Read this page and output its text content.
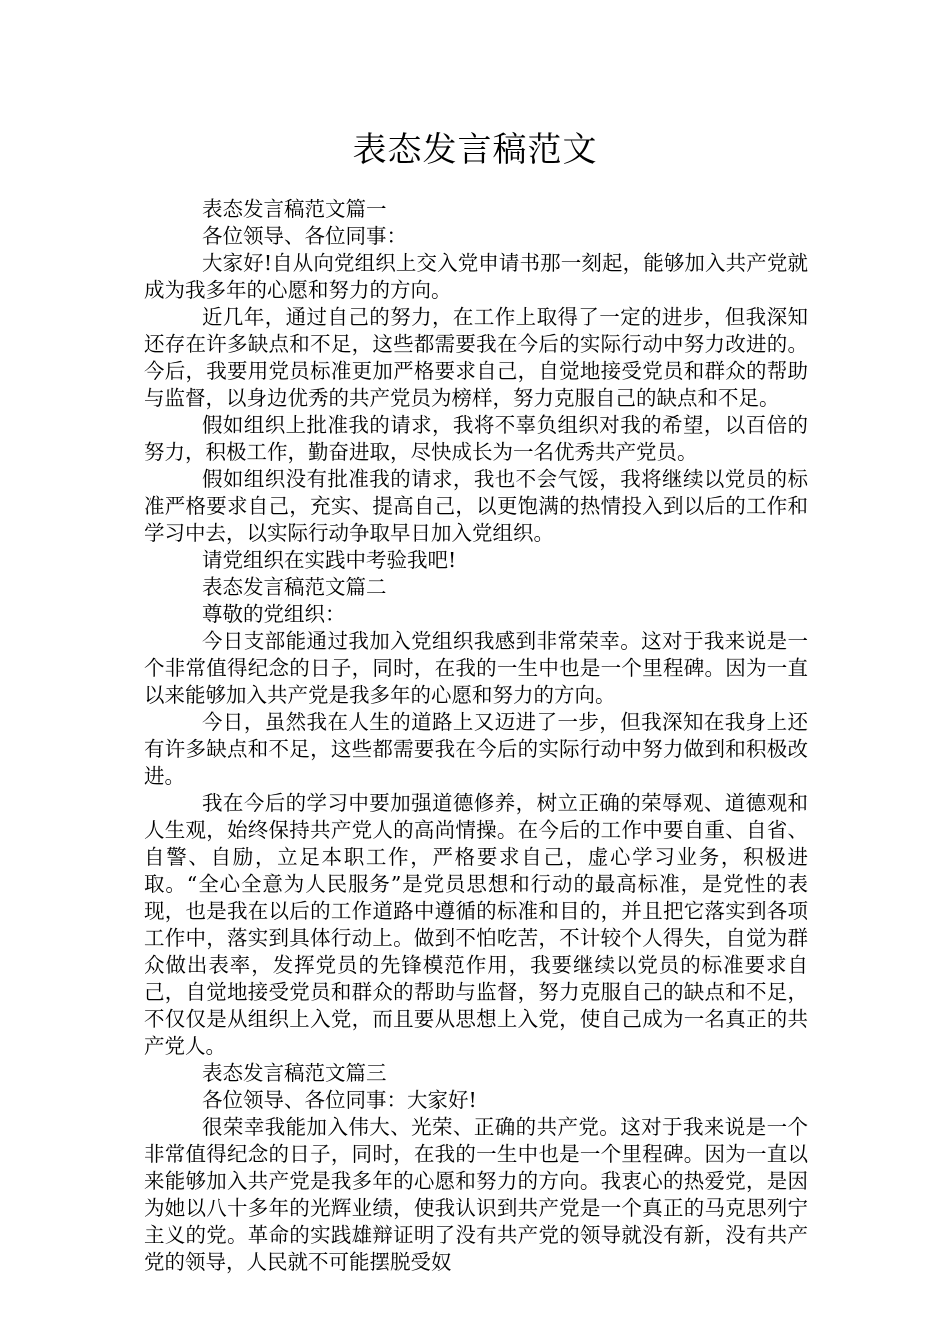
表态发言稿范文

表态发言稿范文篇一

各位领导、各位同事：

大家好!自从向党组织上交入党申请书那一刻起，能够加入共产党就成为我多年的心愿和努力的方向。

近几年，通过自己的努力，在工作上取得了一定的进步，但我深知还存在许多缺点和不足，这些都需要我在今后的实际行动中努力改进的。今后，我要用党员标准更加严格要求自己，自觉地接受党员和群众的帮助与监督，以身边优秀的共产党员为榜样，努力克服自己的缺点和不足。

假如组织上批准我的请求，我将不辜负组织对我的希望，以百倍的努力，积极工作，勤奋进取，尽快成长为一名优秀共产党员。

假如组织没有批准我的请求，我也不会气馁，我将继续以党员的标准严格要求自己，充实、提高自己，以更饱满的热情投入到以后的工作和学习中去，以实际行动争取早日加入党组织。

请党组织在实践中考验我吧!

表态发言稿范文篇二

尊敬的党组织：

今日支部能通过我加入党组织我感到非常荣幸。这对于我来说是一个非常值得纪念的日子，同时，在我的一生中也是一个里程碑。因为一直以来能够加入共产党是我多年的心愿和努力的方向。

今日，虽然我在人生的道路上又迈进了一步，但我深知在我身上还有许多缺点和不足，这些都需要我在今后的实际行动中努力做到和积极改进。

我在今后的学习中要加强道德修养，树立正确的荣辱观、道德观和人生观，始终保持共产党人的高尚情操。在今后的工作中要自重、自省、自警、自励，立足本职工作，严格要求自己，虚心学习业务，积极进取。“全心全意为人民服务”是党员思想和行动的最高标准，是党性的表现，也是我在以后的工作道路中遵循的标准和目的，并且把它落实到各项工作中，落实到具体行动上。做到不怕吃苦，不计较个人得失，自觉为群众做出表率，发挥党员的先锋模范作用，我要继续以党员的标准要求自己，自觉地接受党员和群众的帮助与监督，努力克服自己的缺点和不足，不仅仅是从组织上入党，而且要从思想上入党，使自己成为一名真正的共产党人。

表态发言稿范文篇三

各位领导、各位同事：大家好!

很荣幸我能加入伟大、光荣、正确的共产党。这对于我来说是一个非常值得纪念的日子，同时，在我的一生中也是一个里程碑。因为一直以来能够加入共产党是我多年的心愿和努力的方向。我衷心的热爱党，是因为她以八十多年的光辉业绩，使我认识到共产党是一个真正的马克思列宁主义的党。革命的实践雄辩证明了没有共产党的领导就没有新，没有共产党的领导，人民就不可能摆脱受奴
